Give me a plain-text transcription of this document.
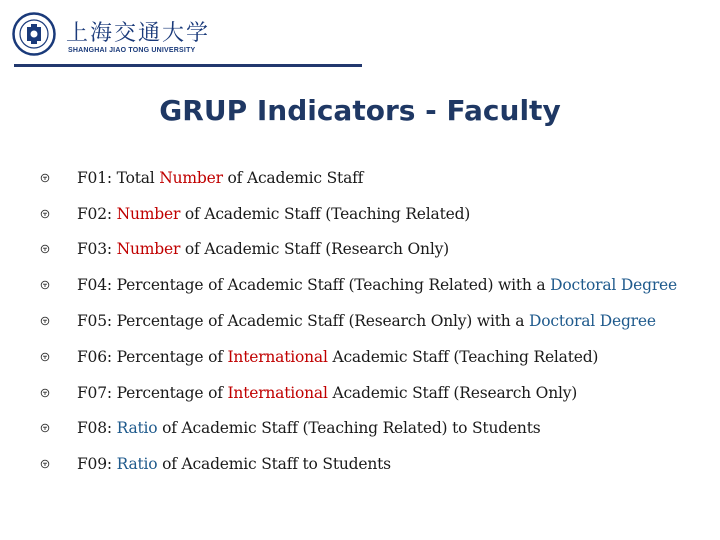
上海交通大学
SHANGHAI JIAO TONG UNIVERSITY
GRUP Indicators - Faculty
F01: Total Number of Academic Staff
F02: Number of Academic Staff (Teaching Related)
F03: Number of Academic Staff (Research Only)
F04: Percentage of Academic Staff (Teaching Related) with a Doctoral Degree
F05: Percentage of Academic Staff (Research Only) with a Doctoral Degree
F06: Percentage of International Academic Staff (Teaching Related)
F07: Percentage of International Academic Staff (Research Only)
F08: Ratio of Academic Staff (Teaching Related) to Students
F09: Ratio of Academic Staff to Students
